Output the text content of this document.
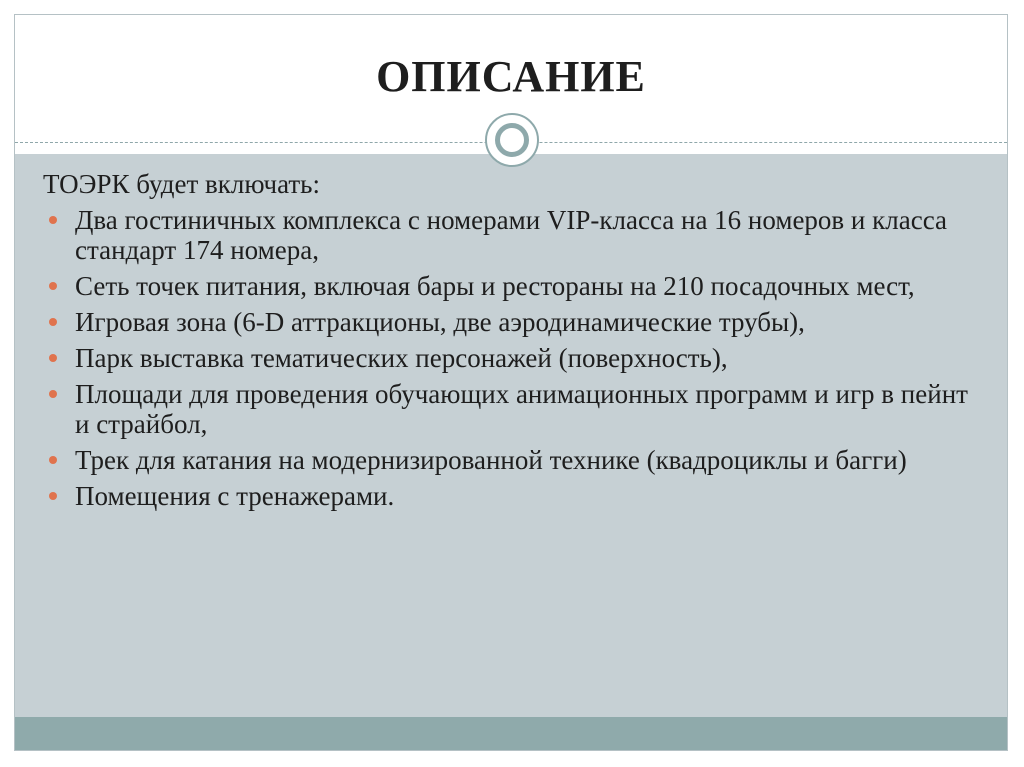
ОПИСАНИЕ

ТОЭРК будет включать:

Два гостиничных комплекса с номерами VIP-класса на 16 номеров и класса стандарт 174 номера,
Сеть точек питания, включая бары и рестораны на 210 посадочных мест,
Игровая зона (6-D аттракционы, две аэродинамические трубы),
Парк выставка тематических персонажей (поверхность),
Площади для проведения обучающих анимационных программ и игр в пейнт и страйбол,
Трек для катания на модернизированной технике (квадроциклы и багги)
Помещения с тренажерами.
